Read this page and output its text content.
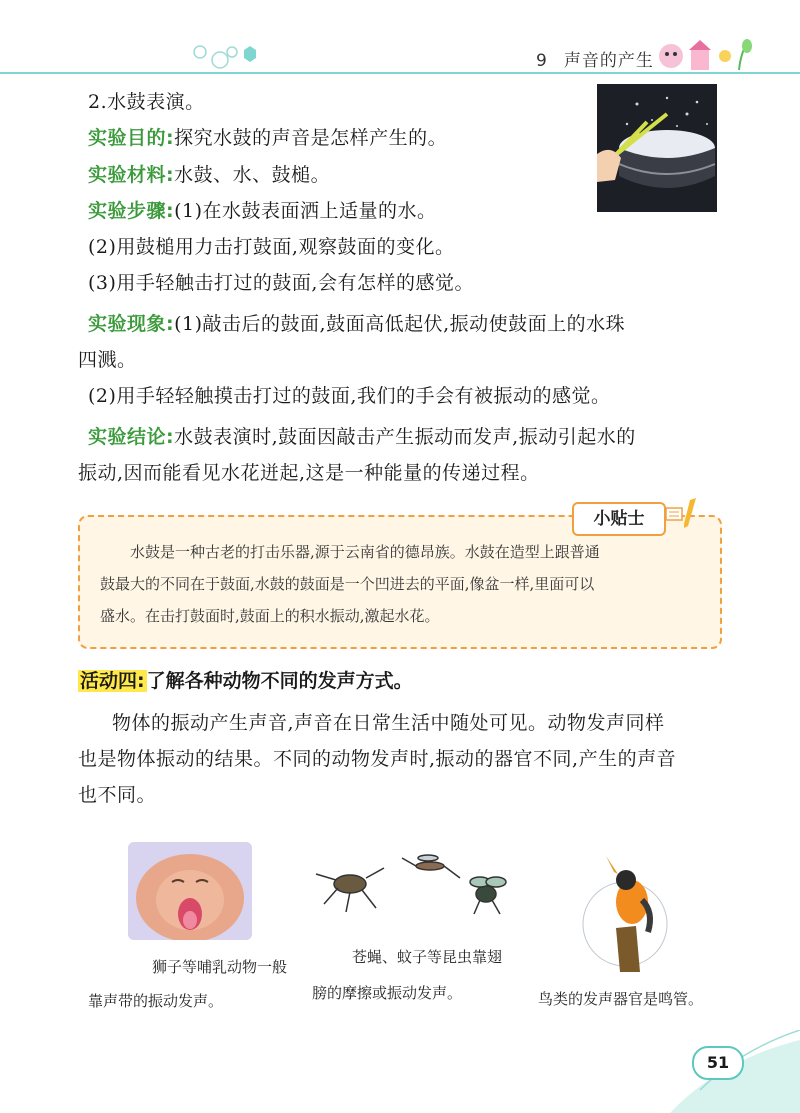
9 声音的产生
2.水鼓表演。
实验目的:探究水鼓的声音是怎样产生的。
实验材料:水鼓、水、鼓槌。
实验步骤:(1)在水鼓表面洒上适量的水。
(2)用鼓槌用力击打鼓面,观察鼓面的变化。
(3)用手轻触击打过的鼓面,会有怎样的感觉。
实验现象:(1)敲击后的鼓面,鼓面高低起伏,振动使鼓面上的水珠
四溅。
(2)用手轻轻触摸击打过的鼓面,我们的手会有被振动的感觉。
实验结论:水鼓表演时,鼓面因敲击产生振动而发声,振动引起水的
振动,因而能看见水花迸起,这是一种能量的传递过程。
小贴士
水鼓是一种古老的打击乐器,源于云南省的德昂族。水鼓在造型上跟普通
鼓最大的不同在于鼓面,水鼓的鼓面是一个凹进去的平面,像盆一样,里面可以
盛水。在击打鼓面时,鼓面上的积水振动,激起水花。
活动四: 了解各种动物不同的发声方式。
物体的振动产生声音,声音在日常生活中随处可见。动物发声同样
也是物体振动的结果。不同的动物发声时,振动的器官不同,产生的声音
也不同。
狮子等哺乳动物一般
靠声带的振动发声。
苍蝇、蚊子等昆虫靠翅
膀的摩擦或振动发声。	鸟类的发声器官是鸣管。
51
